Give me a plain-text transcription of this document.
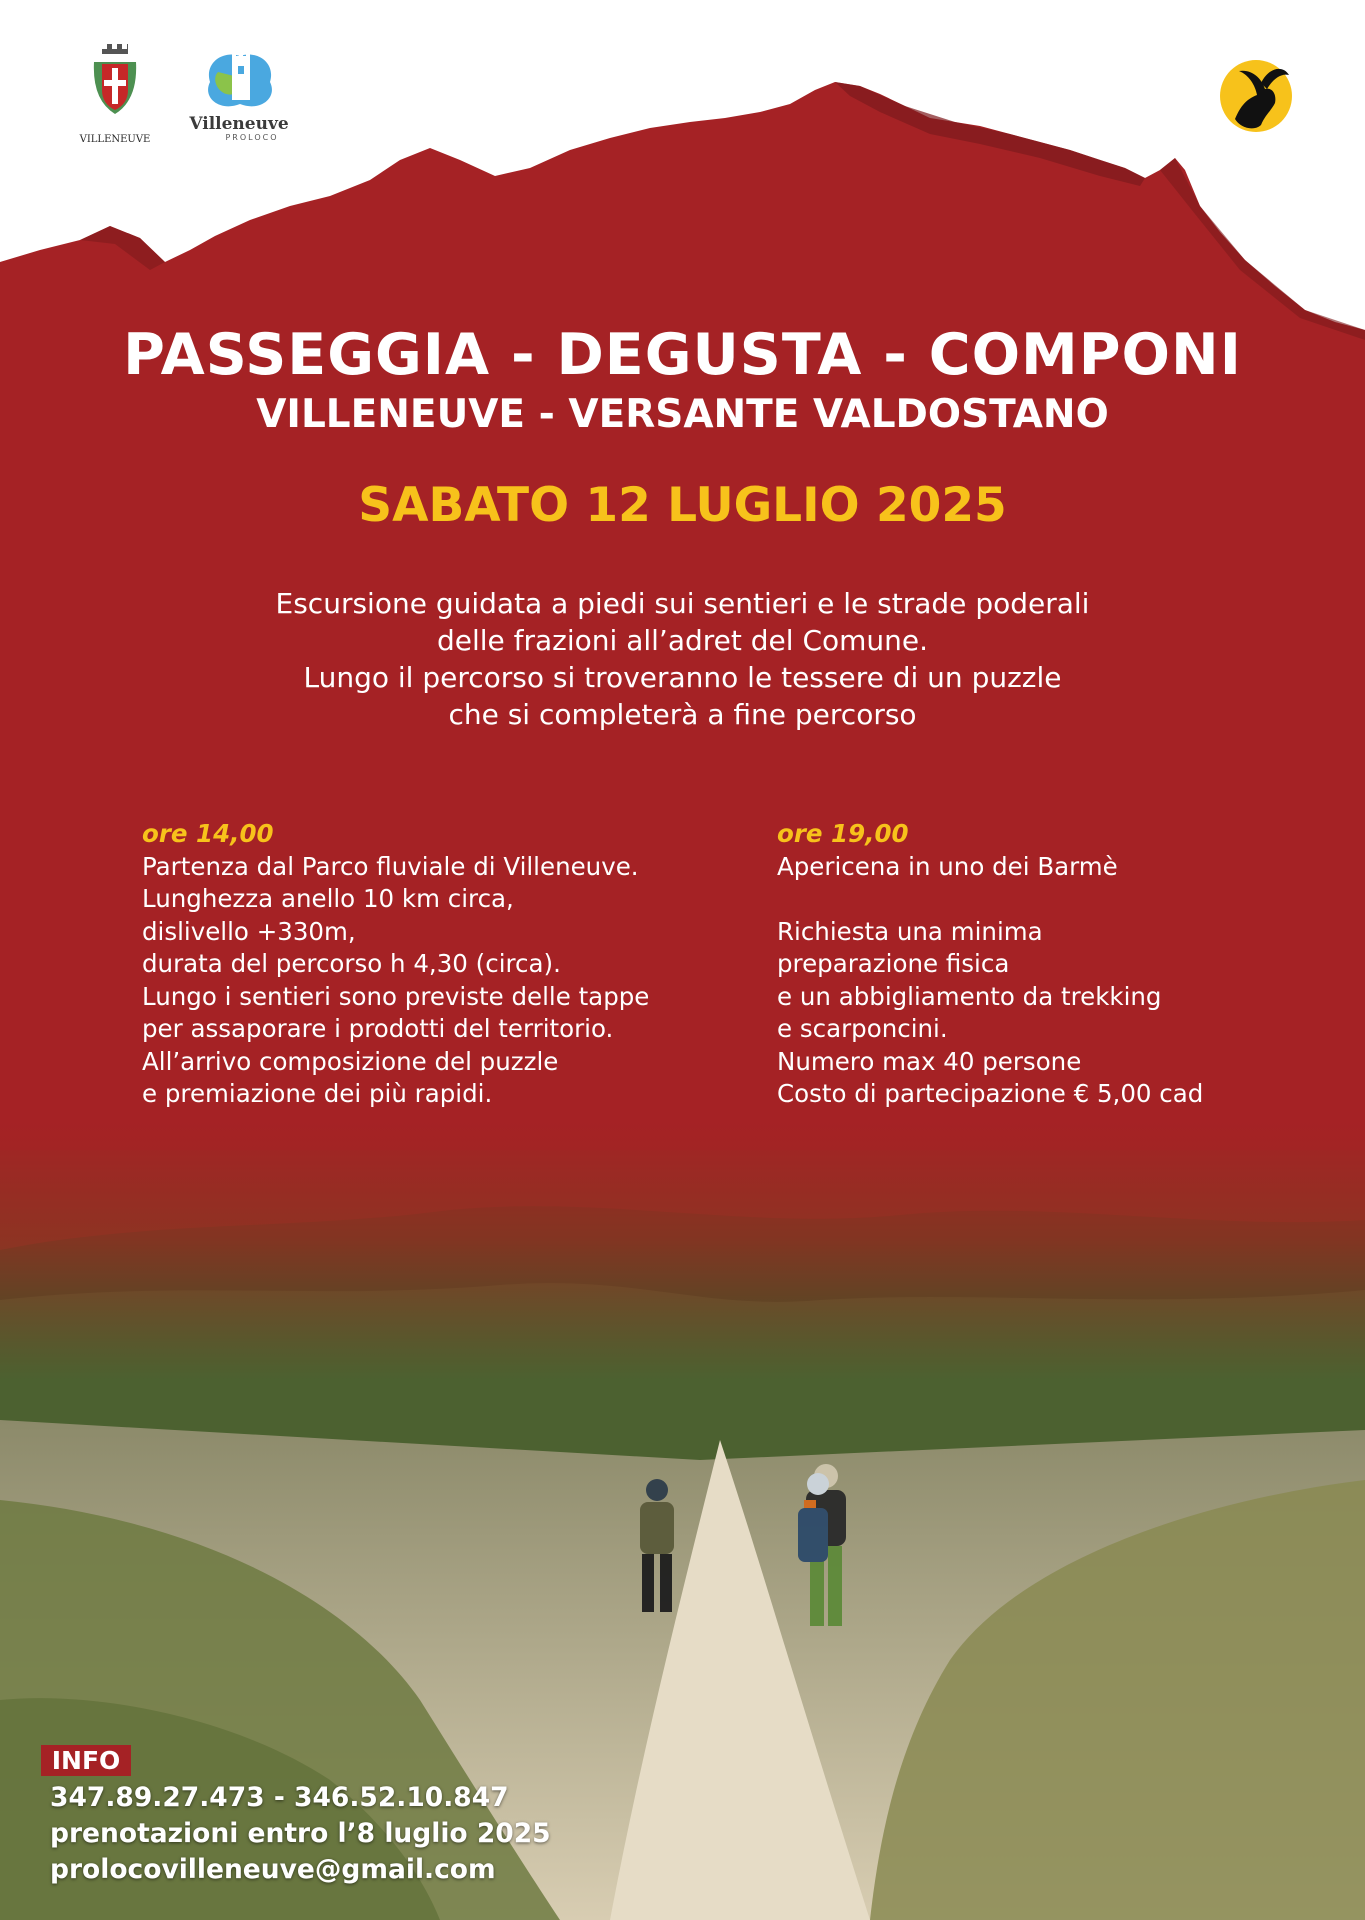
VILLENEUVE
Villeneuve
PROLOCO
PASSEGGIA - DEGUSTA - COMPONI
VILLENEUVE - VERSANTE VALDOSTANO
SABATO 12 LUGLIO 2025
Escursione guidata a piedi sui sentieri e le strade poderali
delle frazioni all’adret del Comune.
Lungo il percorso si troveranno le tessere di un puzzle
che si completerà a fine percorso
ore 14,00
Partenza dal Parco fluviale di Villeneuve.
Lunghezza anello 10 km circa,
dislivello +330m,
durata del percorso h 4,30 (circa).
Lungo i sentieri sono previste delle tappe
per assaporare i prodotti del territorio.
All’arrivo composizione del puzzle
e premiazione dei più rapidi.
ore 19,00
Apericena in uno dei Barmè
Richiesta una minima
preparazione fisica
e un abbigliamento da trekking
e scarponcini.
Numero max 40 persone
Costo di partecipazione € 5,00 cad
INFO
347.89.27.473 - 346.52.10.847
prenotazioni entro l’8 luglio 2025
prolocovilleneuve@gmail.com
